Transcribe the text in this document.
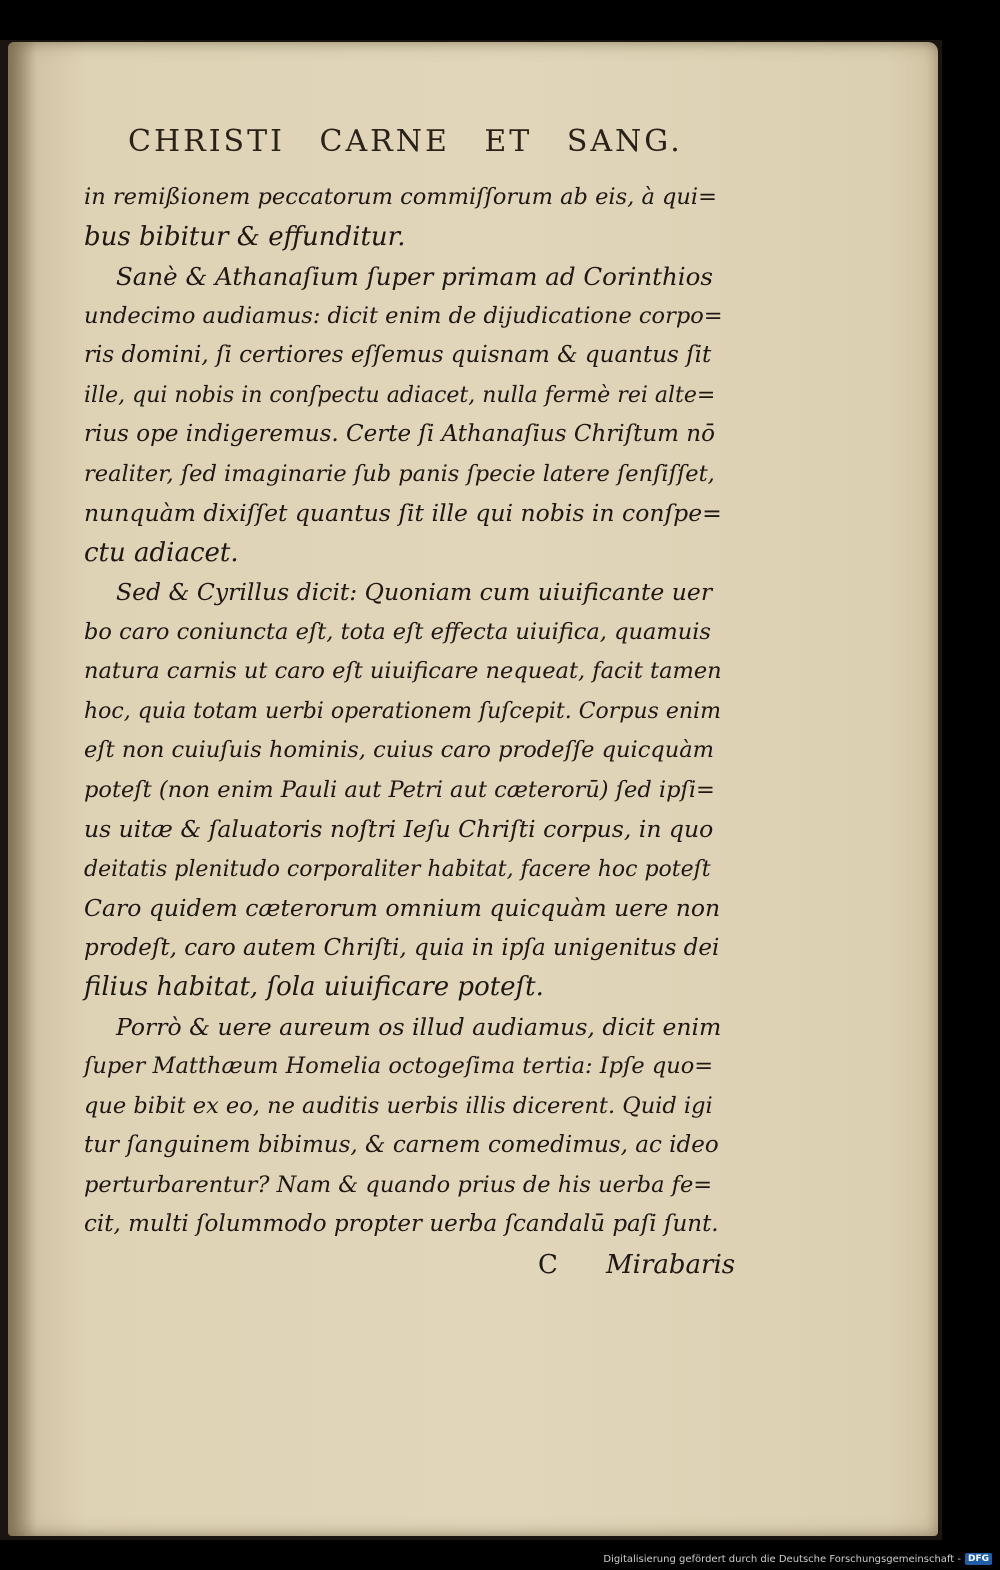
CHRISTI CARNE ET SANG.
in remißionem peccatorum commiſſorum ab eis, à qui=
bus bibitur & effunditur.
Sanè & Athanaſium ſuper primam ad Corinthios
undecimo audiamus: dicit enim de dijudicatione corpo=
ris domini, ſi certiores eſſemus quisnam & quantus ſit
ille, qui nobis in conſpectu adiacet, nulla fermè rei alte=
rius ope indigeremus. Certe ſi Athanaſius Chriſtum nō
realiter, ſed imaginarie ſub panis ſpecie latere ſenſiſſet,
nunquàm dixiſſet quantus ſit ille qui nobis in conſpe=
ctu adiacet.
Sed & Cyrillus dicit: Quoniam cum uiuificante uer
bo caro coniuncta eſt, tota eſt effecta uiuifica, quamuis
natura carnis ut caro eſt uiuificare nequeat, facit tamen
hoc, quia totam uerbi operationem ſuſcepit. Corpus enim
eſt non cuiuſuis hominis, cuius caro prodeſſe quicquàm
poteſt (non enim Pauli aut Petri aut cæterorū) ſed ipſi=
us uitæ & ſaluatoris noſtri Ieſu Chriſti corpus, in quo
deitatis plenitudo corporaliter habitat, facere hoc poteſt
Caro quidem cæterorum omnium quicquàm uere non
prodeſt, caro autem Chriſti, quia in ipſa unigenitus dei
filius habitat, ſola uiuificare poteſt.
Porrò & uere aureum os illud audiamus, dicit enim
ſuper Matthæum Homelia octogeſima tertia: Ipſe quo=
que bibit ex eo, ne auditis uerbis illis dicerent. Quid igi
tur ſanguinem bibimus, & carnem comedimus, ac ideo
perturbarentur? Nam & quando prius de his uerba fe=
cit, multi ſolummodo propter uerba ſcandalū paſi ſunt.
C Mirabaris
Digitalisierung gefördert durch die Deutsche Forschungsgemeinschaft - DFG
